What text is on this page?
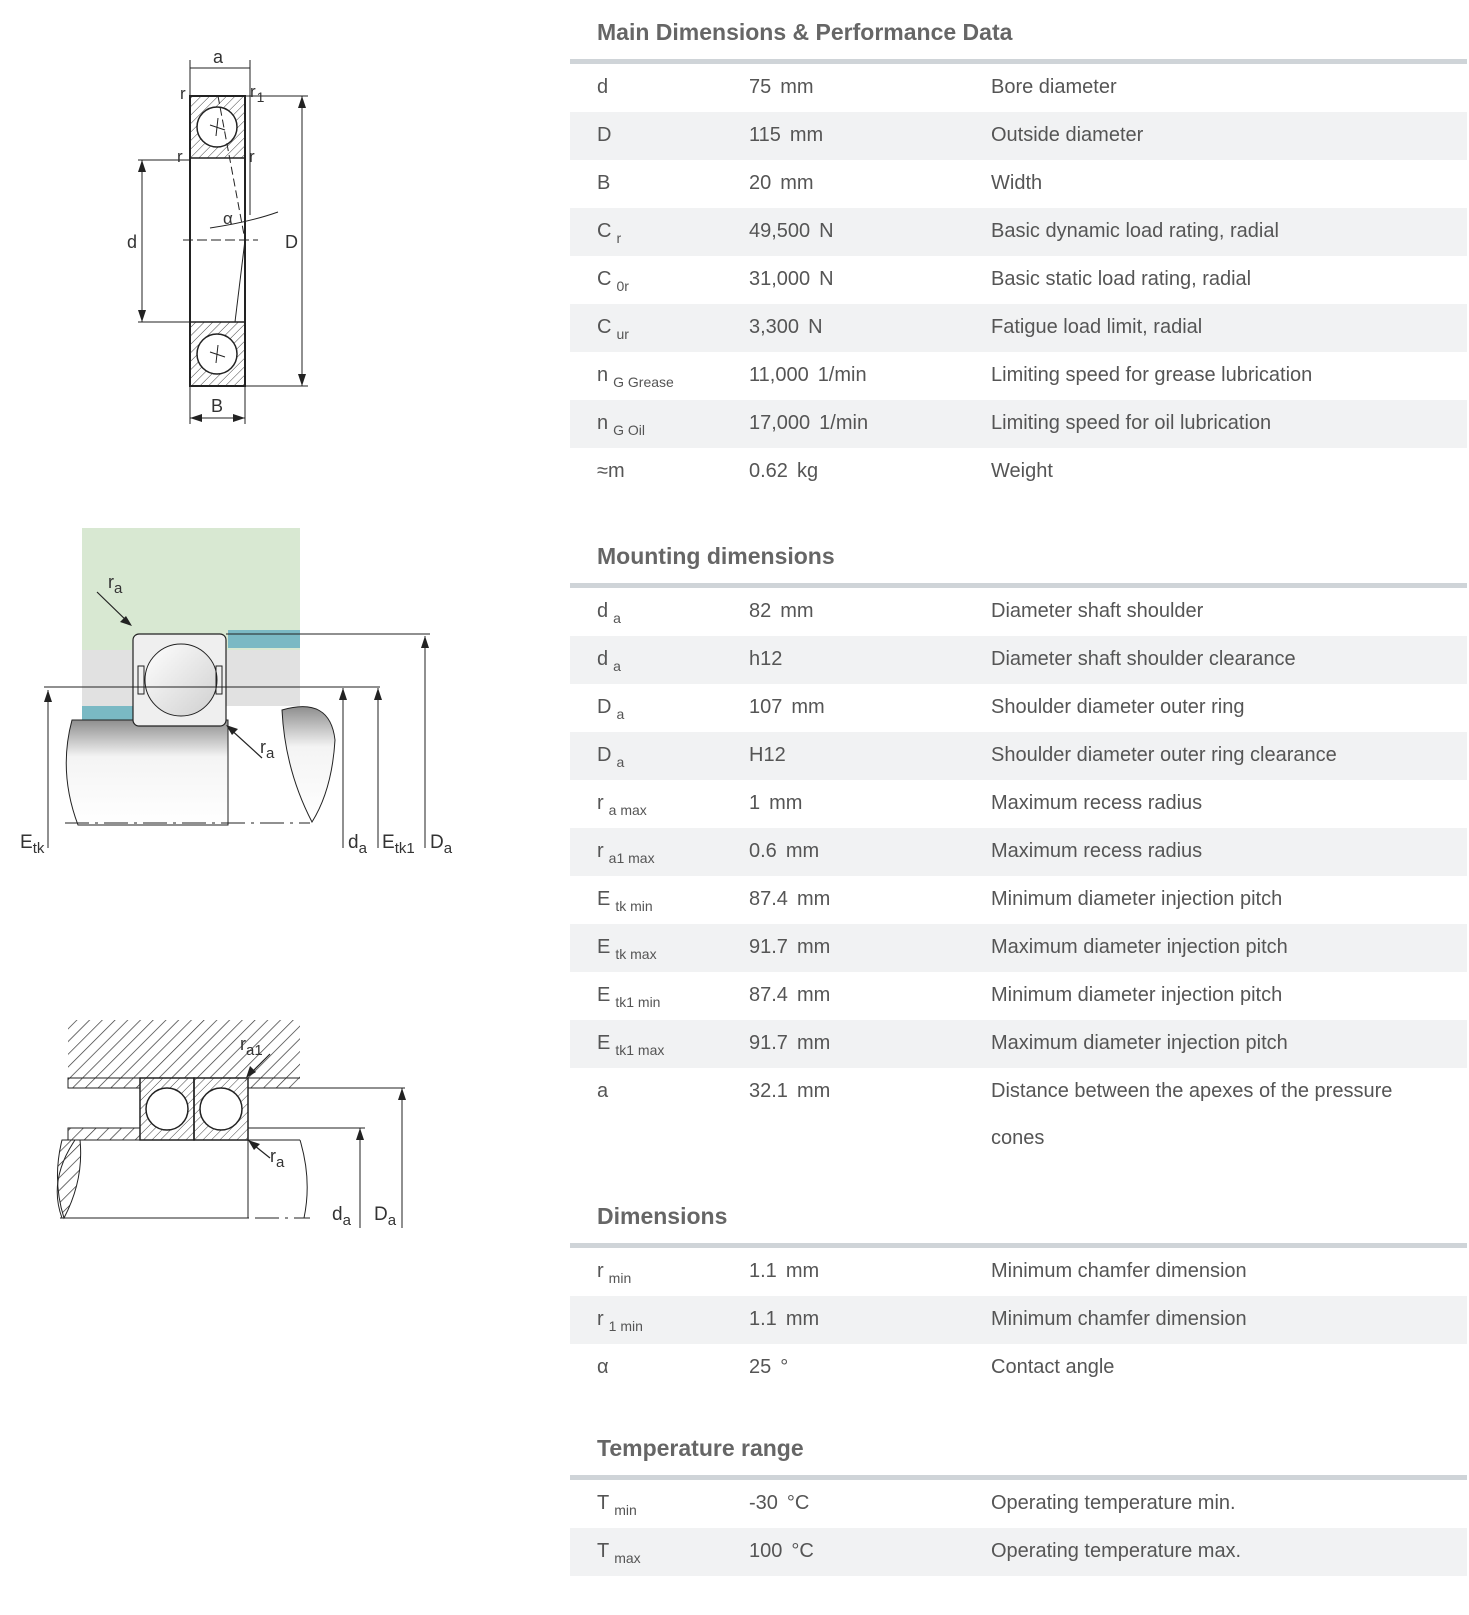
a
D
d
B
r
r	r
$r_1$
α
$r_a$
$r_a$
$E_{tk}$	$d_a$ $E_{tk1}$ $D_a$
$r_{a1}$
$r_a$
$d_a$ $D_a$
Main Dimensions & Performance Data
d	75 mm	Bore diameter
D	115 mm	Outside diameter
B	20 mm	Width
C $_r$	49,500 N	Basic dynamic load rating, radial
C $_{0r}$	31,000 N	Basic static load rating, radial
C $_{ur}$	3,300 N	Fatigue load limit, radial
n $_{G Grease}$	11,000 1/min	Limiting speed for grease lubrication
n $_{G Oil}$	17,000 1/min	Limiting speed for oil lubrication
≈m	0.62 kg	Weight
Mounting dimensions
d $_a$	82 mm	Diameter shaft shoulder
d $_a$	h12	Diameter shaft shoulder clearance
D $_a$	107 mm	Shoulder diameter outer ring
D $_a$	H12	Shoulder diameter outer ring clearance
r $_{a max}$	1 mm	Maximum recess radius
r $_{a1 max}$	0.6 mm	Maximum recess radius
E $_{tk min}$	87.4 mm	Minimum diameter injection pitch
E $_{tk max}$	91.7 mm	Maximum diameter injection pitch
E $_{tk1 min}$	87.4 mm	Minimum diameter injection pitch
E $_{tk1 max}$	91.7 mm	Maximum diameter injection pitch
a	32.1 mm	Distance between the apexes of the pressure cones
Dimensions
r $_{min}$	1.1 mm	Minimum chamfer dimension
r $_{1 min}$	1.1 mm	Minimum chamfer dimension
α	25 °	Contact angle
Temperature range
T $_{min}$	-30 °C	Operating temperature min.
T $_{max}$	100 °C	Operating temperature max.
